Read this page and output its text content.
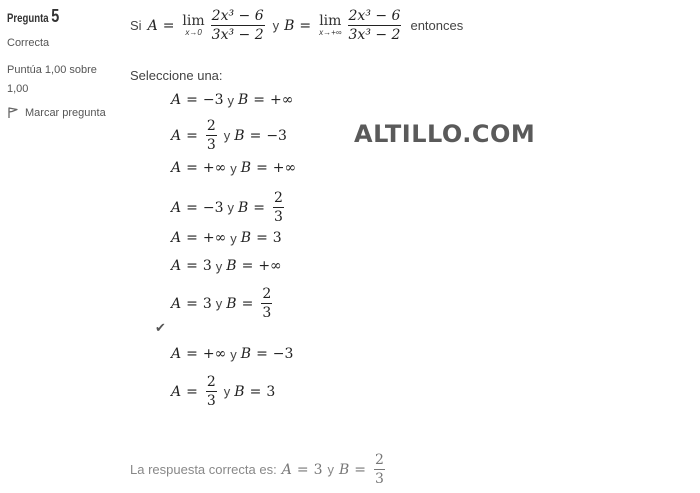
Pregunta 5
Correcta
Puntúa 1,00 sobre 1,00
Marcar pregunta
Si A = lim
$x\to 0 \frac{\text{2x³ − 6}}{\text{3x³ − 2}}$ y B = lim
$x\to+\infty \frac{\text{2x³ − 6}}{\text{3x³ − 2}}$ entonces
Seleccione una:
A = −3 y B = +∞
$A = \frac{2}{3}$ y B = −3
A = +∞ y B = +∞
A = −3 y $B = \frac{2}{3}$
A = +∞ y B = 3
A = 3 y B = +∞
A = 3 y $B = \frac{2}{3}$
A = +∞ y B = −3
$A = \frac{2}{3}$ y B = 3
✔
La respuesta correcta es: A = 3 y $B = \frac{2}{3}$
ALTILLO.COM
